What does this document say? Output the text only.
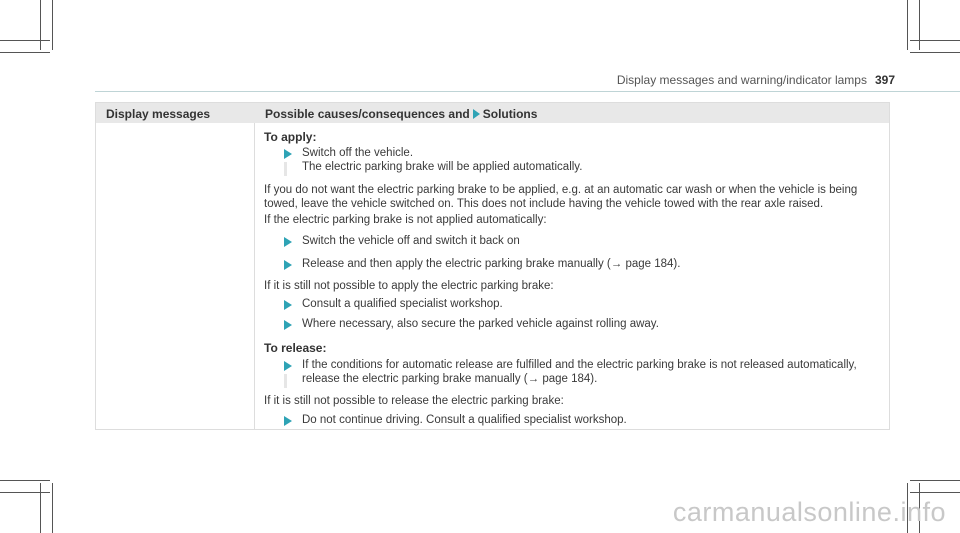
Display messages and warning/indicator lamps 397
Display messages	Possible causes/consequences and Solutions
To apply:
Switch off the vehicle.
The electric parking brake will be applied automatically.
If you do not want the electric parking brake to be applied, e.g. at an automatic car wash or when the vehicle is being
towed, leave the vehicle switched on. This does not include having the vehicle towed with the rear axle raised.
If the electric parking brake is not applied automatically:
Switch the vehicle off and switch it back on
Release and then apply the electric parking brake manually (→ page 184).
If it is still not possible to apply the electric parking brake:
Consult a qualified specialist workshop.
Where necessary, also secure the parked vehicle against rolling away.
To release:
If the conditions for automatic release are fulfilled and the electric parking brake is not released automatically,
release the electric parking brake manually (→ page 184).
If it is still not possible to release the electric parking brake:
Do not continue driving. Consult a qualified specialist workshop.
carmanualsonline.info
